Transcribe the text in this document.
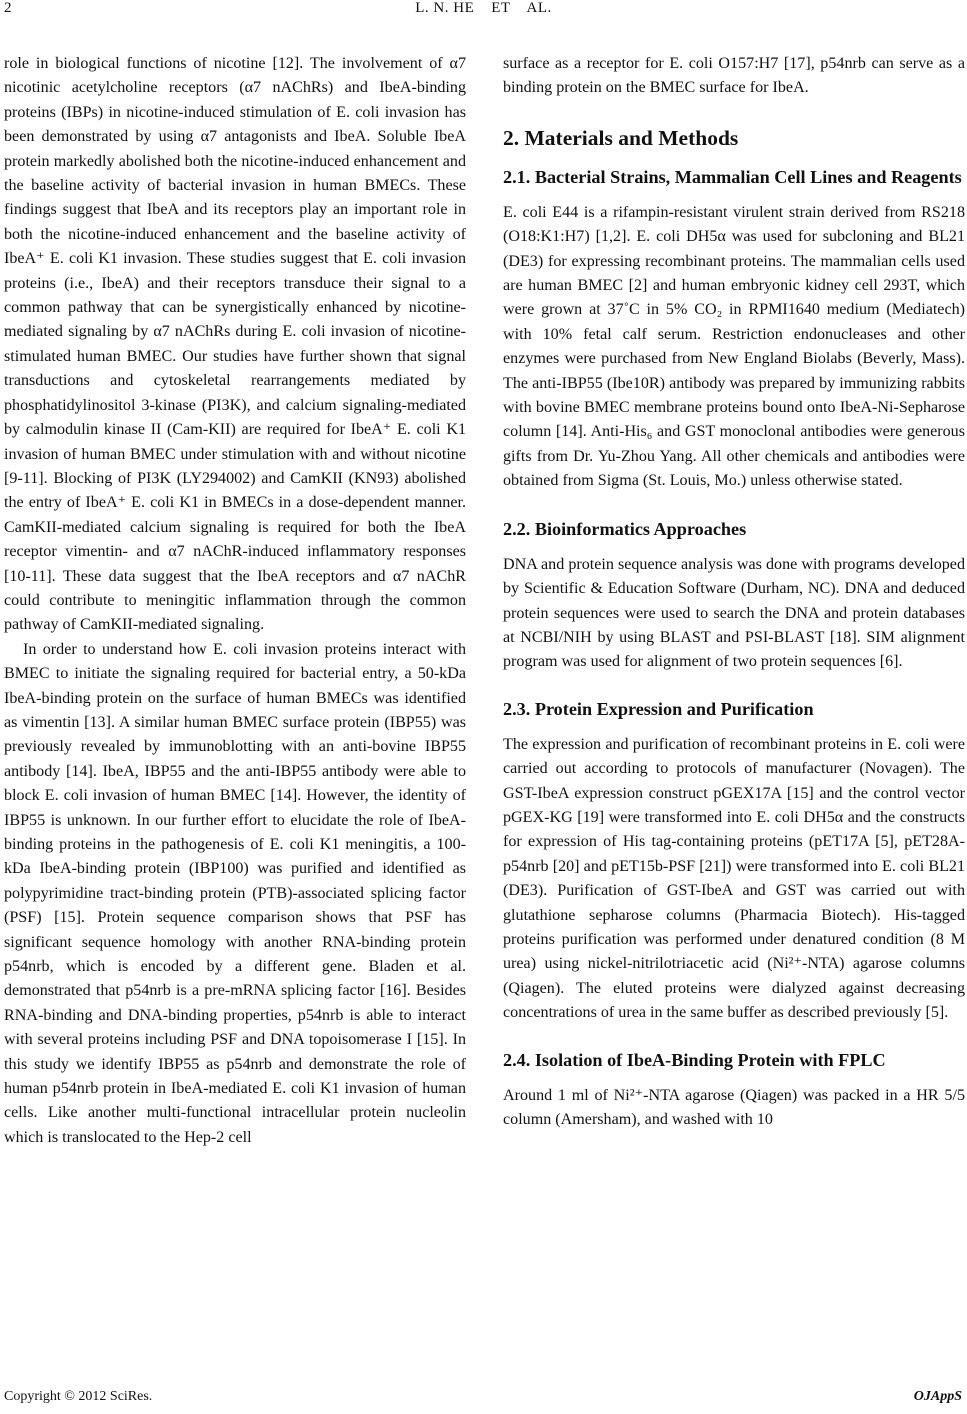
2	L. N. HE    ET    AL.

role in biological functions of nicotine [12]. The involvement of α7 nicotinic acetylcholine receptors (α7 nAChRs) and IbeA-binding proteins (IBPs) in nicotine-induced stimulation of E. coli invasion has been demonstrated by using α7 antagonists and IbeA. Soluble IbeA protein markedly abolished both the nicotine-induced enhancement and the baseline activity of bacterial invasion in human BMECs. These findings suggest that IbeA and its receptors play an important role in both the nicotine-induced enhancement and the baseline activity of IbeA⁺ E. coli K1 invasion. These studies suggest that E. coli invasion proteins (i.e., IbeA) and their receptors transduce their signal to a common pathway that can be synergistically enhanced by nicotine-mediated signaling by α7 nAChRs during E. coli invasion of nicotine-stimulated human BMEC. Our studies have further shown that signal transductions and cytoskeletal rearrangements mediated by phosphatidylinositol 3-kinase (PI3K), and calcium signaling-mediated by calmodulin kinase II (Cam-KII) are required for IbeA⁺ E. coli K1 invasion of human BMEC under stimulation with and without nicotine [9-11]. Blocking of PI3K (LY294002) and CamKII (KN93) abolished the entry of IbeA⁺ E. coli K1 in BMECs in a dose-dependent manner. CamKII-mediated calcium signaling is required for both the IbeA receptor vimentin- and α7 nAChR-induced inflammatory responses [10-11]. These data suggest that the IbeA receptors and α7 nAChR could contribute to meningitic inflammation through the common pathway of CamKII-mediated signaling.

In order to understand how E. coli invasion proteins interact with BMEC to initiate the signaling required for bacterial entry, a 50-kDa IbeA-binding protein on the surface of human BMECs was identified as vimentin [13]. A similar human BMEC surface protein (IBP55) was previously revealed by immunoblotting with an anti-bovine IBP55 antibody [14]. IbeA, IBP55 and the anti-IBP55 antibody were able to block E. coli invasion of human BMEC [14]. However, the identity of IBP55 is unknown. In our further effort to elucidate the role of IbeA-binding proteins in the pathogenesis of E. coli K1 meningitis, a 100-kDa IbeA-binding protein (IBP100) was purified and identified as polypyrimidine tract-binding protein (PTB)-associated splicing factor (PSF) [15]. Protein sequence comparison shows that PSF has significant sequence homology with another RNA-binding protein p54nrb, which is encoded by a different gene. Bladen et al. demonstrated that p54nrb is a pre-mRNA splicing factor [16]. Besides RNA-binding and DNA-binding properties, p54nrb is able to interact with several proteins including PSF and DNA topoisomerase I [15]. In this study we identify IBP55 as p54nrb and demonstrate the role of human p54nrb protein in IbeA-mediated E. coli K1 invasion of human cells. Like another multi-functional intracellular protein nucleolin which is translocated to the Hep-2 cell

surface as a receptor for E. coli O157:H7 [17], p54nrb can serve as a binding protein on the BMEC surface for IbeA.

2. Materials and Methods
2.1. Bacterial Strains, Mammalian Cell Lines and Reagents

E. coli E44 is a rifampin-resistant virulent strain derived from RS218 (O18:K1:H7) [1,2]. E. coli DH5α was used for subcloning and BL21 (DE3) for expressing recombinant proteins. The mammalian cells used are human BMEC [2] and human embryonic kidney cell 293T, which were grown at 37˚C in 5% CO₂ in RPMI1640 medium (Mediatech) with 10% fetal calf serum. Restriction endonucleases and other enzymes were purchased from New England Biolabs (Beverly, Mass). The anti-IBP55 (Ibe10R) antibody was prepared by immunizing rabbits with bovine BMEC membrane proteins bound onto IbeA-Ni-Sepharose column [14]. Anti-His₆ and GST monoclonal antibodies were generous gifts from Dr. Yu-Zhou Yang. All other chemicals and antibodies were obtained from Sigma (St. Louis, Mo.) unless otherwise stated.

2.2. Bioinformatics Approaches

DNA and protein sequence analysis was done with programs developed by Scientific & Education Software (Durham, NC). DNA and deduced protein sequences were used to search the DNA and protein databases at NCBI/NIH by using BLAST and PSI-BLAST [18]. SIM alignment program was used for alignment of two protein sequences [6].

2.3. Protein Expression and Purification

The expression and purification of recombinant proteins in E. coli were carried out according to protocols of manufacturer (Novagen). The GST-IbeA expression construct pGEX17A [15] and the control vector pGEX-KG [19] were transformed into E. coli DH5α and the constructs for expression of His tag-containing proteins (pET17A [5], pET28A-p54nrb [20] and pET15b-PSF [21]) were transformed into E. coli BL21 (DE3). Purification of GST-IbeA and GST was carried out with glutathione sepharose columns (Pharmacia Biotech). His-tagged proteins purification was performed under denatured condition (8 M urea) using nickel-nitrilotriacetic acid (Ni²⁺-NTA) agarose columns (Qiagen). The eluted proteins were dialyzed against decreasing concentrations of urea in the same buffer as described previously [5].

2.4. Isolation of IbeA-Binding Protein with FPLC

Around 1 ml of Ni²⁺-NTA agarose (Qiagen) was packed in a HR 5/5 column (Amersham), and washed with 10

Copyright © 2012 SciRes.	OJAppS
